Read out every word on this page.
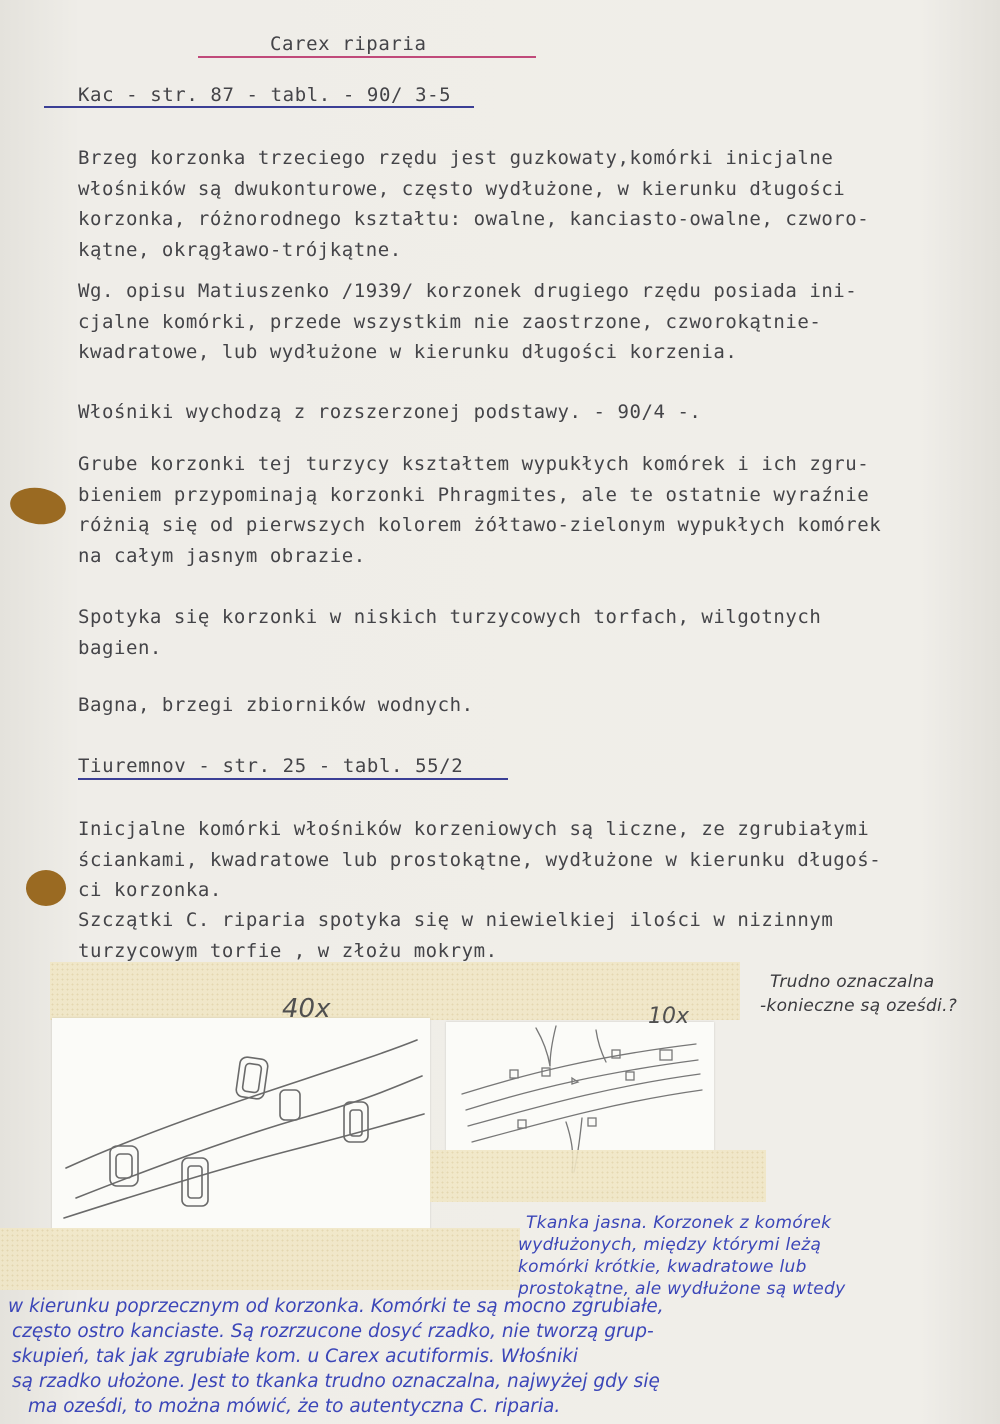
Carex riparia
Kac - str. 87 - tabl. - 90/ 3-5
Brzeg korzonka trzeciego rzędu jest guzkowaty,komórki inicjalne
włośników są dwukonturowe, często wydłużone, w kierunku długości
korzonka, różnorodnego kształtu: owalne, kanciasto-owalne, czworo-
kątne, okrągławo-trójkątne.
Wg. opisu Matiuszenko /1939/ korzonek drugiego rzędu posiada ini-
cjalne komórki, przede wszystkim nie zaostrzone, czworokątnie-
kwadratowe, lub wydłużone w kierunku długości korzenia.
Włośniki wychodzą z rozszerzonej podstawy. - 90/4 -.
Grube korzonki tej turzycy kształtem wypukłych komórek i ich zgru-
bieniem przypominają korzonki Phragmites, ale te ostatnie wyraźnie
różnią się od pierwszych kolorem żółtawo-zielonym wypukłych komórek
na całym jasnym obrazie.
Spotyka się korzonki w niskich turzycowych torfach, wilgotnych
bagien.
Bagna, brzegi zbiorników wodnych.
Tiuremnov - str. 25 - tabl. 55/2
Inicjalne komórki włośników korzeniowych są liczne, ze zgrubiałymi
ściankami, kwadratowe lub prostokątne, wydłużone w kierunku długoś-
ci korzonka.
Szczątki C. riparia spotyka się w niewielkiej ilości w nizinnym
turzycowym torfie , w złożu mokrym.
40x	10x
Trudno oznaczalna
-konieczne są oześdi.?
Tkanka jasna. Korzonek z komórek
wydłużonych, między którymi leżą
komórki krótkie, kwadratowe lub
prostokątne, ale wydłużone są wtedy
w kierunku poprzecznym od korzonka. Komórki te są mocno zgrubiałe,
często ostro kanciaste. Są rozrzucone dosyć rzadko, nie tworzą grup-
skupień, tak jak zgrubiałe kom. u Carex acutiformis. Włośniki
są rzadko ułożone. Jest to tkanka trudno oznaczalna, najwyżej gdy się
ma oześdi, to można mówić, że to autentyczna C. riparia.
